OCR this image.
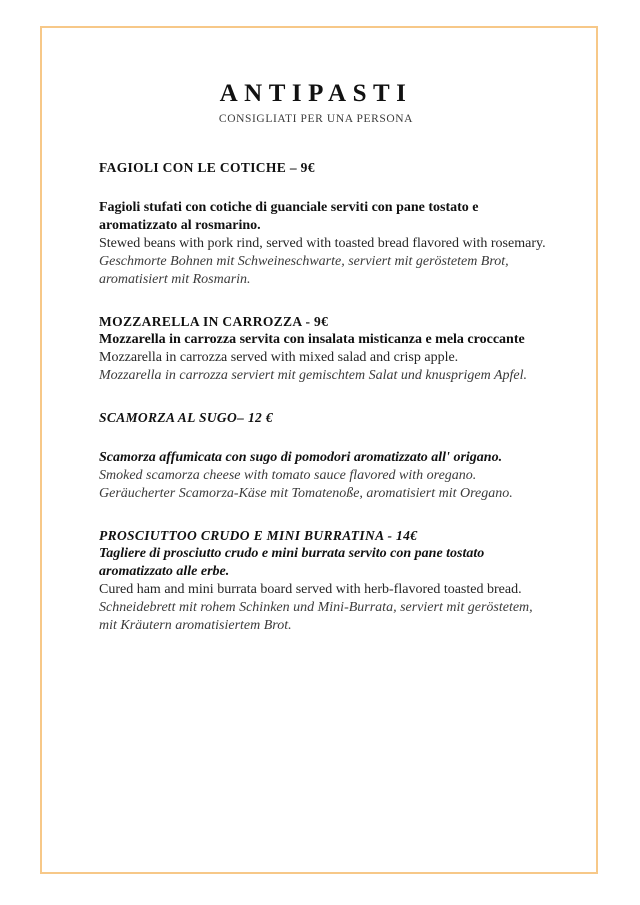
ANTIPASTI
CONSIGLIATI PER UNA PERSONA

FAGIOLI CON LE COTICHE – 9€

Fagioli stufati con cotiche di guanciale serviti con pane tostato e aromatizzato al rosmarino.

Stewed beans with pork rind, served with toasted bread flavored with rosemary.

Geschmorte Bohnen mit Schweineschwarte, serviert mit geröstetem Brot, aromatisiert mit Rosmarin.

MOZZARELLA IN CARROZZA - 9€

Mozzarella in carrozza servita con insalata misticanza e mela croccante

Mozzarella in carrozza served with mixed salad and crisp apple.

Mozzarella in carrozza serviert mit gemischtem Salat und knusprigem Apfel.

SCAMORZA AL SUGO– 12 €

Scamorza affumicata con sugo di pomodori aromatizzato all' origano.

Smoked scamorza cheese with tomato sauce flavored with oregano.

Geräucherter Scamorza-Käse mit Tomatenoße, aromatisiert mit Oregano.

PROSCIUTTOO CRUDO E MINI BURRATINA - 14€

Tagliere di prosciutto crudo e mini burrata servito con pane tostato aromatizzato alle erbe.

Cured ham and mini burrata board served with herb-flavored toasted bread.

Schneidebrett mit rohem Schinken und Mini-Burrata, serviert mit geröstetem, mit Kräutern aromatisiertem Brot.
